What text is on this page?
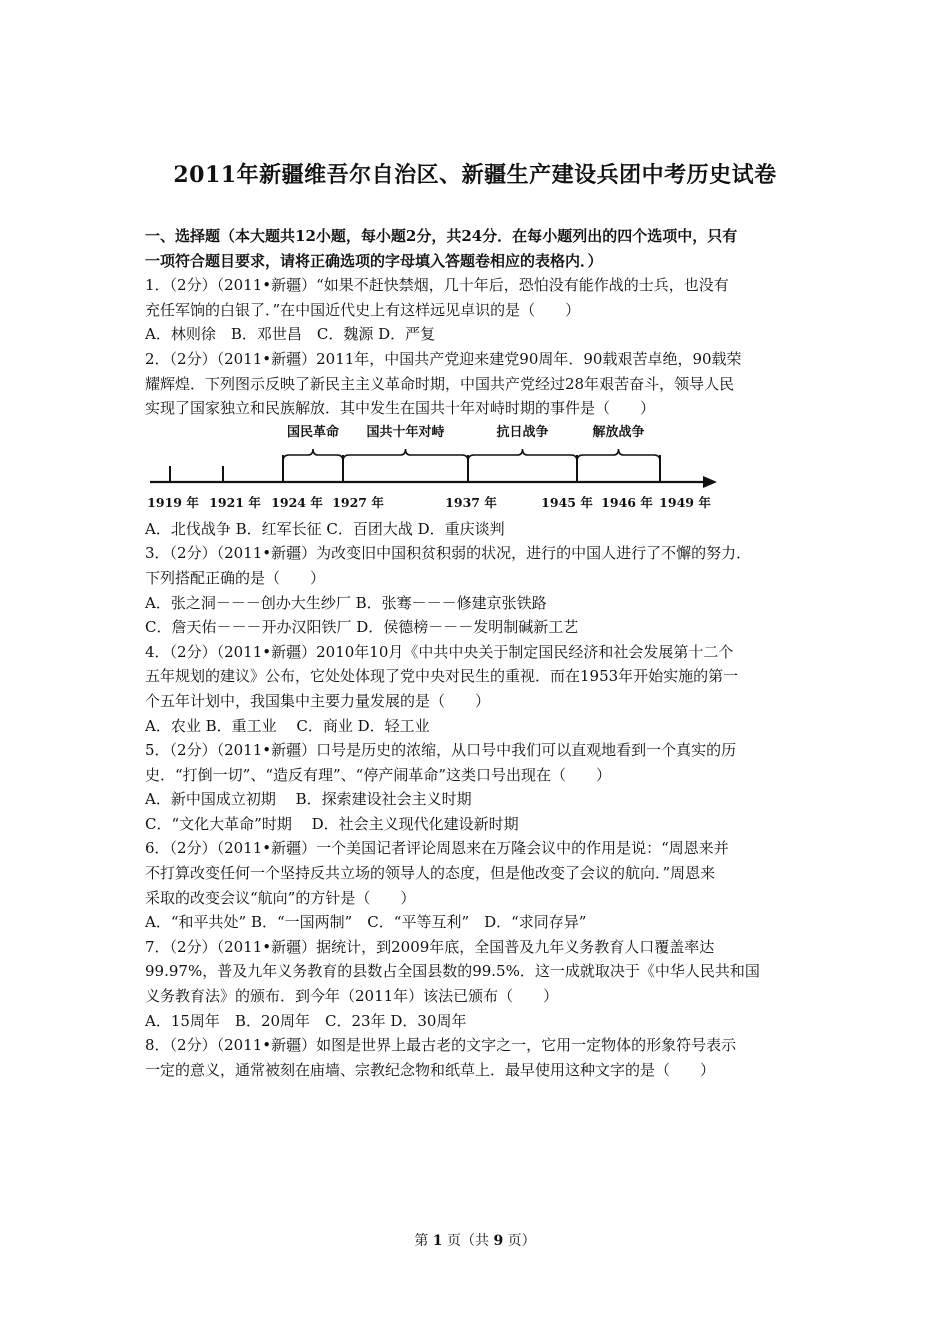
2011年新疆维吾尔自治区、新疆生产建设兵团中考历史试卷
一、选择题（本大题共12小题，每小题2分，共24分．在每小题列出的四个选项中，只有
一项符合题目要求，请将正确选项的字母填入答题卷相应的表格内．）
1．（2分）（2011•新疆）“如果不赶快禁烟，几十年后，恐怕没有能作战的士兵，也没有
充任军饷的白银了．”在中国近代史上有这样远见卓识的是（　　）
A．林则徐　B．邓世昌　C．魏源 D．严复
2．（2分）（2011•新疆）2011年，中国共产党迎来建党90周年．90载艰苦卓绝，90载荣
耀辉煌．下列图示反映了新民主主义革命时期，中国共产党经过28年艰苦奋斗，领导人民
实现了国家独立和民族解放．其中发生在国共十年对峙时期的事件是（　　）
国民革命 国共十年对峙	抗日战争	解放战争
1919 年 1921 年 1924 年 1927 年	1937 年	1945 年 1946 年 1949 年
A．北伐战争 B．红军长征 C．百团大战 D．重庆谈判
3．（2分）（2011•新疆）为改变旧中国积贫积弱的状况，进行的中国人进行了不懈的努力．
下列搭配正确的是（　　）
A．张之洞－－－创办大生纱厂 B．张骞－－－修建京张铁路
C．詹天佑－－－开办汉阳铁厂 D．侯德榜－－－发明制碱新工艺
4．（2分）（2011•新疆）2010年10月《中共中央关于制定国民经济和社会发展第十二个
五年规划的建议》公布，它处处体现了党中央对民生的重视．而在1953年开始实施的第一
个五年计划中，我国集中主要力量发展的是（　　）
A．农业 B．重工业　 C．商业 D．轻工业
5．（2分）（2011•新疆）口号是历史的浓缩，从口号中我们可以直观地看到一个真实的历
史．“打倒一切”、“造反有理”、“停产闹革命”这类口号出现在（　　）
A．新中国成立初期　 B．探索建设社会主义时期
C．“文化大革命”时期　 D．社会主义现代化建设新时期
6．（2分）（2011•新疆）一个美国记者评论周恩来在万隆会议中的作用是说：“周恩来并
不打算改变任何一个坚持反共立场的领导人的态度，但是他改变了会议的航向．”周恩来
采取的改变会议“航向”的方针是（　　）
A．“和平共处” B．“一国两制”　C．“平等互利”　D．“求同存异”
7．（2分）（2011•新疆）据统计，到2009年底，全国普及九年义务教育人口覆盖率达
99.97%，普及九年义务教育的县数占全国县数的99.5%．这一成就取决于《中华人民共和国
义务教育法》的颁布．到今年（2011年）该法已颁布（　　）
A．15周年　B．20周年　C．23年 D．30周年
8．（2分）（2011•新疆）如图是世界上最古老的文字之一，它用一定物体的形象符号表示
一定的意义，通常被刻在庙墙、宗教纪念物和纸草上．最早使用这种文字的是（　　）
第 1 页（共 9 页）
